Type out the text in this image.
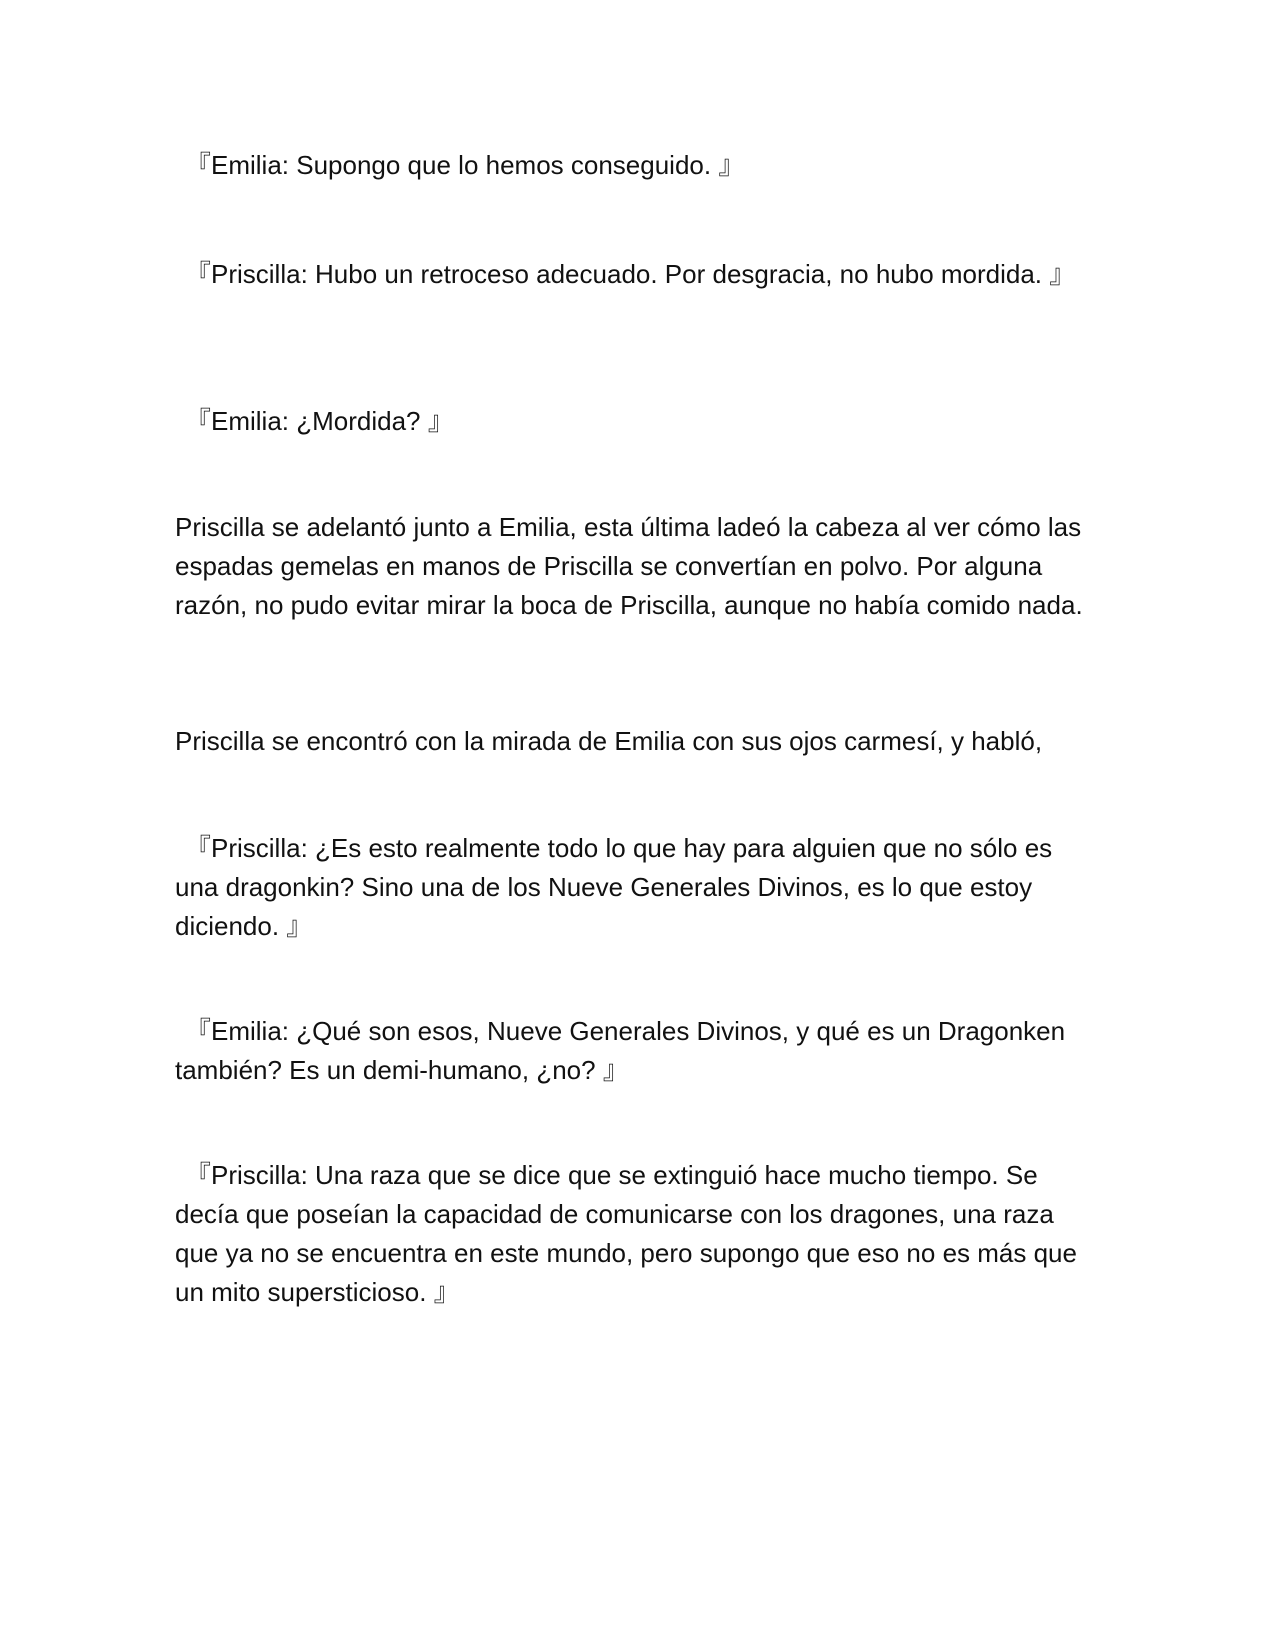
『Emilia: Supongo que lo hemos conseguido. 』

『Priscilla: Hubo un retroceso adecuado. Por desgracia, no hubo mordida. 』

『Emilia: ¿Mordida? 』

Priscilla se adelantó junto a Emilia, esta última ladeó la cabeza al ver cómo las espadas gemelas en manos de Priscilla se convertían en polvo. Por alguna razón, no pudo evitar mirar la boca de Priscilla, aunque no había comido nada.

Priscilla se encontró con la mirada de Emilia con sus ojos carmesí, y habló,

『Priscilla: ¿Es esto realmente todo lo que hay para alguien que no sólo es una dragonkin? Sino una de los Nueve Generales Divinos, es lo que estoy diciendo. 』

『Emilia: ¿Qué son esos, Nueve Generales Divinos, y qué es un Dragonken también? Es un demi-humano, ¿no? 』

『Priscilla: Una raza que se dice que se extinguió hace mucho tiempo. Se decía que poseían la capacidad de comunicarse con los dragones, una raza que ya no se encuentra en este mundo, pero supongo que eso no es más que un mito supersticioso. 』
